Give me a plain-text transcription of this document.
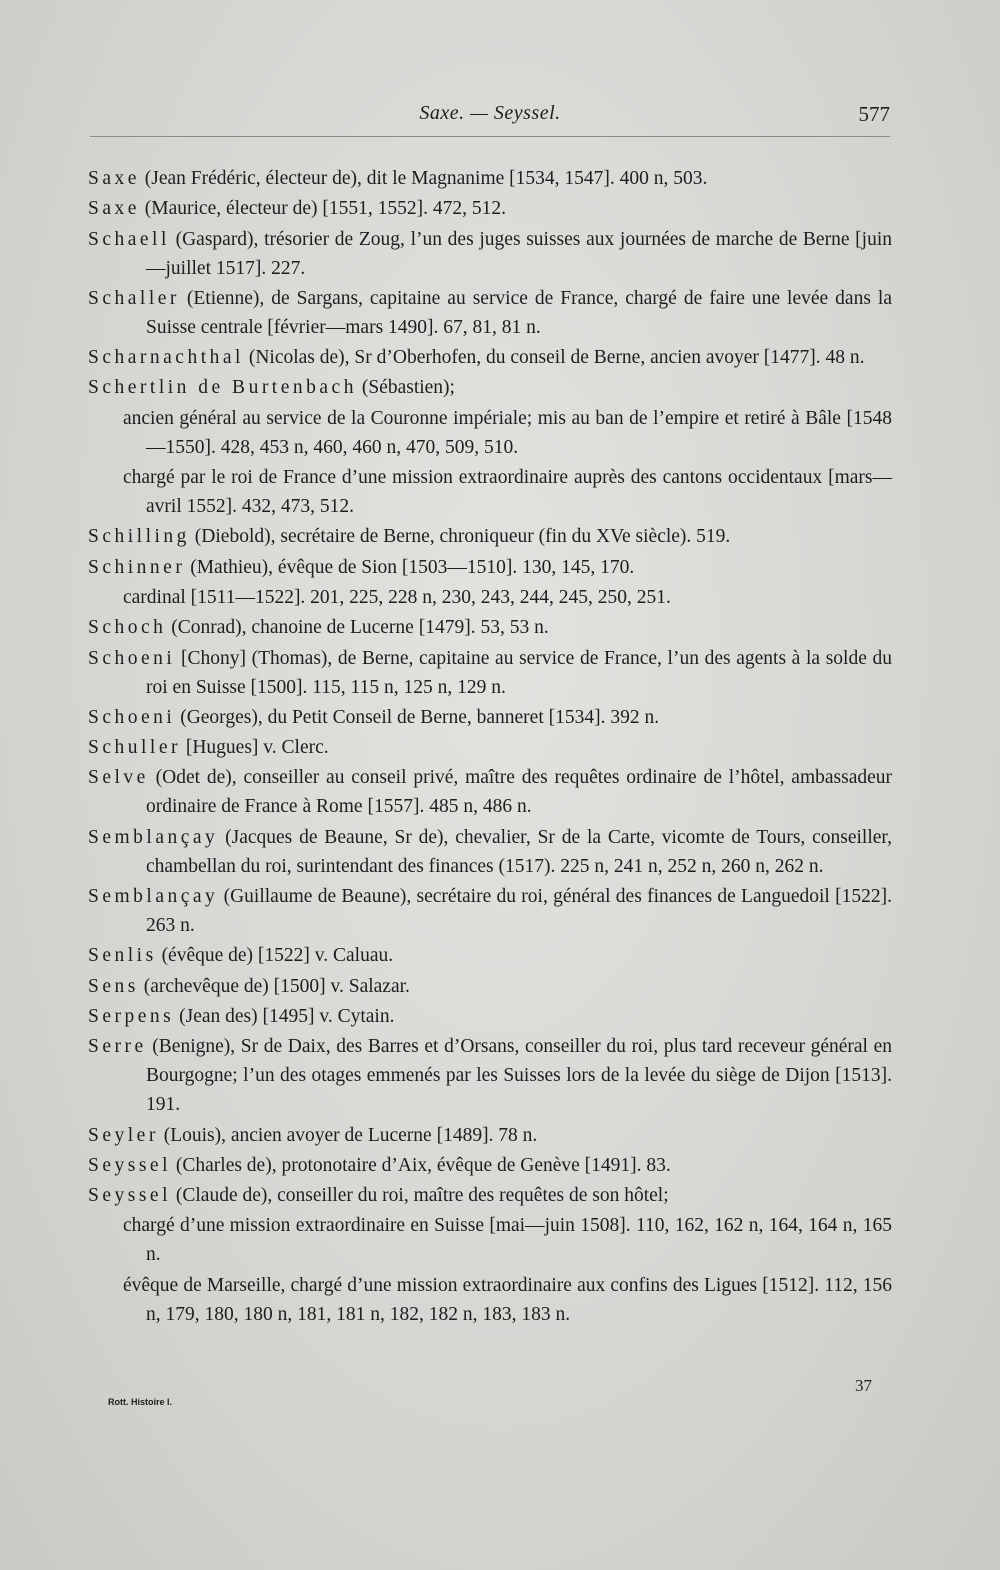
Saxe. — Seyssel.	577
Saxe (Jean Frédéric, électeur de), dit le Magnanime [1534, 1547]. 400 n, 503.
Saxe (Maurice, électeur de) [1551, 1552]. 472, 512.
Schaell (Gaspard), trésorier de Zoug, l’un des juges suisses aux journées de marche de Berne [juin—juillet 1517]. 227.
Schaller (Etienne), de Sargans, capitaine au service de France, chargé de faire une levée dans la Suisse centrale [février—mars 1490]. 67, 81, 81 n.
Scharnachthal (Nicolas de), Sr d’Oberhofen, du conseil de Berne, ancien avoyer [1477]. 48 n.
Schertlin de Burtenbach (Sébastien);
ancien général au service de la Couronne impériale; mis au ban de l’empire et retiré à Bâle [1548—1550]. 428, 453 n, 460, 460 n, 470, 509, 510.
chargé par le roi de France d’une mission extraordinaire auprès des cantons occidentaux [mars—avril 1552]. 432, 473, 512.
Schilling (Diebold), secrétaire de Berne, chroniqueur (fin du XVe siècle). 519.
Schinner (Mathieu), évêque de Sion [1503—1510]. 130, 145, 170.
cardinal [1511—1522]. 201, 225, 228 n, 230, 243, 244, 245, 250, 251.
Schoch (Conrad), chanoine de Lucerne [1479]. 53, 53 n.
Schoeni [Chony] (Thomas), de Berne, capitaine au service de France, l’un des agents à la solde du roi en Suisse [1500]. 115, 115 n, 125 n, 129 n.
Schoeni (Georges), du Petit Conseil de Berne, banneret [1534]. 392 n.
Schuller [Hugues] v. Clerc.
Selve (Odet de), conseiller au conseil privé, maître des requêtes ordinaire de l’hôtel, ambassadeur ordinaire de France à Rome [1557]. 485 n, 486 n.
Semblançay (Jacques de Beaune, Sr de), chevalier, Sr de la Carte, vicomte de Tours, conseiller, chambellan du roi, surintendant des finances (1517). 225 n, 241 n, 252 n, 260 n, 262 n.
Semblançay (Guillaume de Beaune), secrétaire du roi, général des finances de Languedoil [1522]. 263 n.
Senlis (évêque de) [1522] v. Caluau.
Sens (archevêque de) [1500] v. Salazar.
Serpens (Jean des) [1495] v. Cytain.
Serre (Benigne), Sr de Daix, des Barres et d’Orsans, conseiller du roi, plus tard receveur général en Bourgogne; l’un des otages emmenés par les Suisses lors de la levée du siège de Dijon [1513]. 191.
Seyler (Louis), ancien avoyer de Lucerne [1489]. 78 n.
Seyssel (Charles de), protonotaire d’Aix, évêque de Genève [1491]. 83.
Seyssel (Claude de), conseiller du roi, maître des requêtes de son hôtel;
chargé d’une mission extraordinaire en Suisse [mai—juin 1508]. 110, 162, 162 n, 164, 164 n, 165 n.
évêque de Marseille, chargé d’une mission extraordinaire aux confins des Ligues [1512]. 112, 156 n, 179, 180, 180 n, 181, 181 n, 182, 182 n, 183, 183 n.
Rott. Histoire I.
37
